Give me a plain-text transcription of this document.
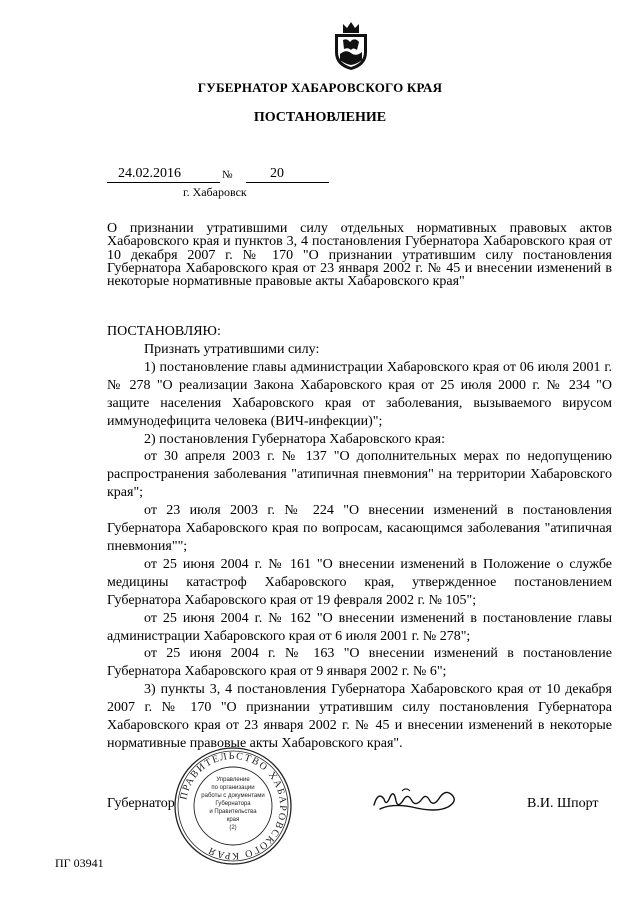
ГУБЕРНАТОР ХАБАРОВСКОГО КРАЯ
ПОСТАНОВЛЕНИЕ
24.02.2016	№	20
г. Хабаровск
О признании утратившими силу отдельных нормативных правовых актов Хабаровского края и пунктов 3, 4 постановления Губернатора Хабаровского края от 10 декабря 2007 г. № 170 "О признании утратившим силу постановления Губернатора Хабаровского края от 23 января 2002 г. № 45 и внесении изменений в некоторые нормативные правовые акты Хабаровского края"
ПОСТАНОВЛЯЮ:

Признать утратившими силу:

1) постановление главы администрации Хабаровского края от 06 июля 2001 г. № 278 "О реализации Закона Хабаровского края от 25 июля 2000 г. № 234 "О защите населения Хабаровского края от заболевания, вызываемого вирусом иммунодефицита человека (ВИЧ-инфекции)";

2) постановления Губернатора Хабаровского края:

от 30 апреля 2003 г. № 137 "О дополнительных мерах по недопущению распространения заболевания "атипичная пневмония" на территории Хабаровского края";

от 23 июля 2003 г. № 224 "О внесении изменений в постановления Губернатора Хабаровского края по вопросам, касающимся заболевания "атипичная пневмония"";

от 25 июня 2004 г. № 161 "О внесении изменений в Положение о службе медицины катастроф Хабаровского края, утвержденное постановлением Губернатора Хабаровского края от 19 февраля 2002 г. № 105";

от 25 июня 2004 г. № 162 "О внесении изменений в постановление главы администрации Хабаровского края от 6 июля 2001 г. № 278";

от 25 июня 2004 г. № 163 "О внесении изменений в постановление Губернатора Хабаровского края от 9 января 2002 г. № 6";

3) пункты 3, 4 постановления Губернатора Хабаровского края от 10 декабря 2007 г. № 170 "О признании утратившим силу постановления Губернатора Хабаровского края от 23 января 2002 г. № 45 и внесении изменений в некоторые нормативные правовые акты Хабаровского края".

Губернатор	В.И. Шпорт
ПРАВИТЕЛЬСТВО ХАБАРОВСКОГО КРАЯ
Управление
по организации
работы с документами
Губернатора
и Правительства
края
(2)
ПГ 03941
